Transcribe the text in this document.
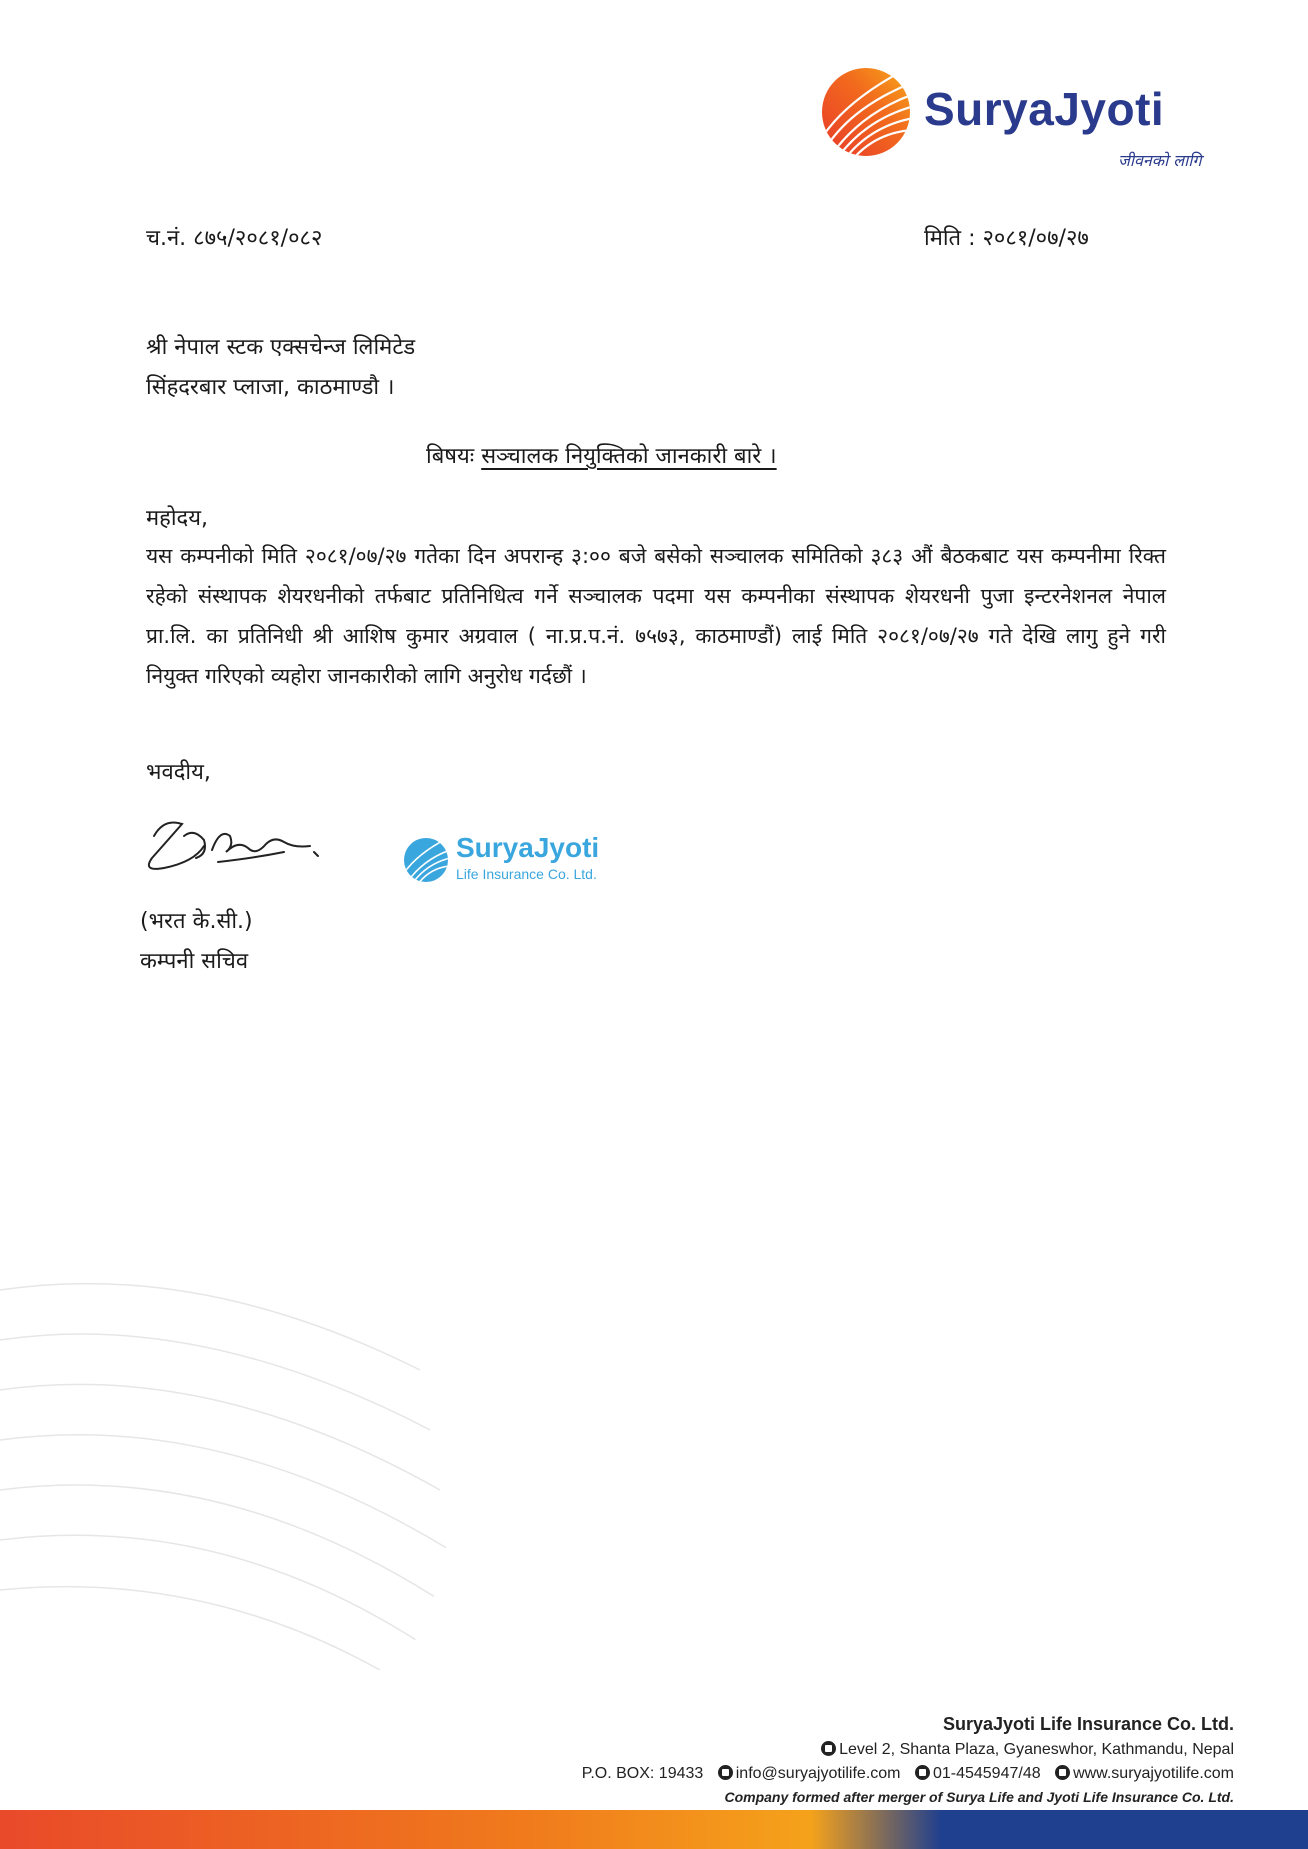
SuryaJyoti
जीवनको लागि
च.नं. ८७५/२०८१/०८२	मिति : २०८१/०७/२७
श्री नेपाल स्टक एक्सचेन्ज लिमिटेड
सिंहदरबार प्लाजा, काठमाण्डौ ।
बिषयः सञ्चालक नियुक्तिको जानकारी बारे ।
महोदय,
यस कम्पनीको मिति २०८१/०७/२७ गतेका दिन अपरान्ह ३:०० बजे बसेको सञ्चालक समितिको ३८३ औं बैठकबाट यस कम्पनीमा रिक्त रहेको संस्थापक शेयरधनीको तर्फबाट प्रतिनिधित्व गर्ने सञ्चालक पदमा यस कम्पनीका संस्थापक शेयरधनी पुजा इन्टरनेशनल नेपाल प्रा.लि. का प्रतिनिधी श्री आशिष कुमार अग्रवाल ( ना.प्र.प.नं. ७५७३, काठमाण्डौं) लाई मिति २०८१/०७/२७ गते देखि लागु हुने गरी नियुक्त गरिएको व्यहोरा जानकारीको लागि अनुरोध गर्दछौं ।
भवदीय,
SuryaJyoti
Life Insurance Co. Ltd.
(भरत के.सी.)
कम्पनी सचिव
SuryaJyoti Life Insurance Co. Ltd.
Level 2, Shanta Plaza, Gyaneswhor, Kathmandu, Nepal
P.O. BOX: 19433 info@suryajyotilife.com 01-4545947/48 www.suryajyotilife.com
Company formed after merger of Surya Life and Jyoti Life Insurance Co. Ltd.
